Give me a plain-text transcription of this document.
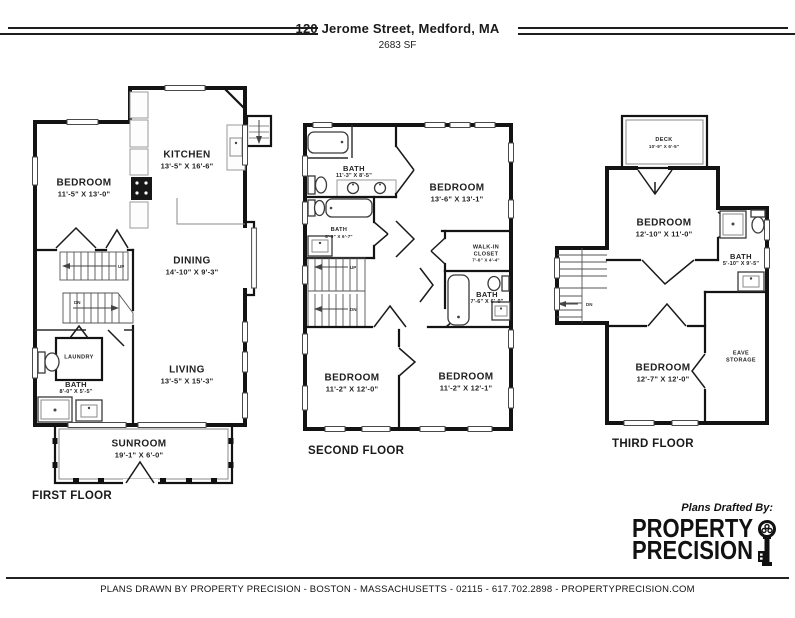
120 Jerome Street, Medford, MA
2683 SF
UP
DN
BEDROOM
11'-5" X 13'-0"
KITCHEN
13'-5" X 16'-6"
DINING
14'-10" X 9'-3"
LIVING
13'-5" X 15'-3"
LAUNDRY
BATH
8'-0" X 5'-5"
SUNROOM
19'-1" X 6'-0"
FIRST FLOOR
UP
DN
BATH
11'-3" X 8'-5"
BEDROOM
13'-6" X 13'-1"
BATH
8'-0" X 6'-7"
WALK-IN CLOSET
7'-6" X 4'-4"
BATH
7'-6" X 6'-0"
BEDROOM
11'-2" X 12'-0"
BEDROOM
11'-2" X 12'-1"
SECOND FLOOR
DN
DECK
10'-9" X 6'-5"
BEDROOM
12'-10" X 11'-0"
BATH
5'-10" X 9'-5"
EAVE STORAGE
BEDROOM
12'-7" X 12'-0"
THIRD FLOOR
Plans Drafted By:
PROPERTY
PRECISION
PLANS DRAWN BY PROPERTY PRECISION - BOSTON - MASSACHUSETTS - 02115 - 617.702.2898 - PROPERTYPRECISION.COM
